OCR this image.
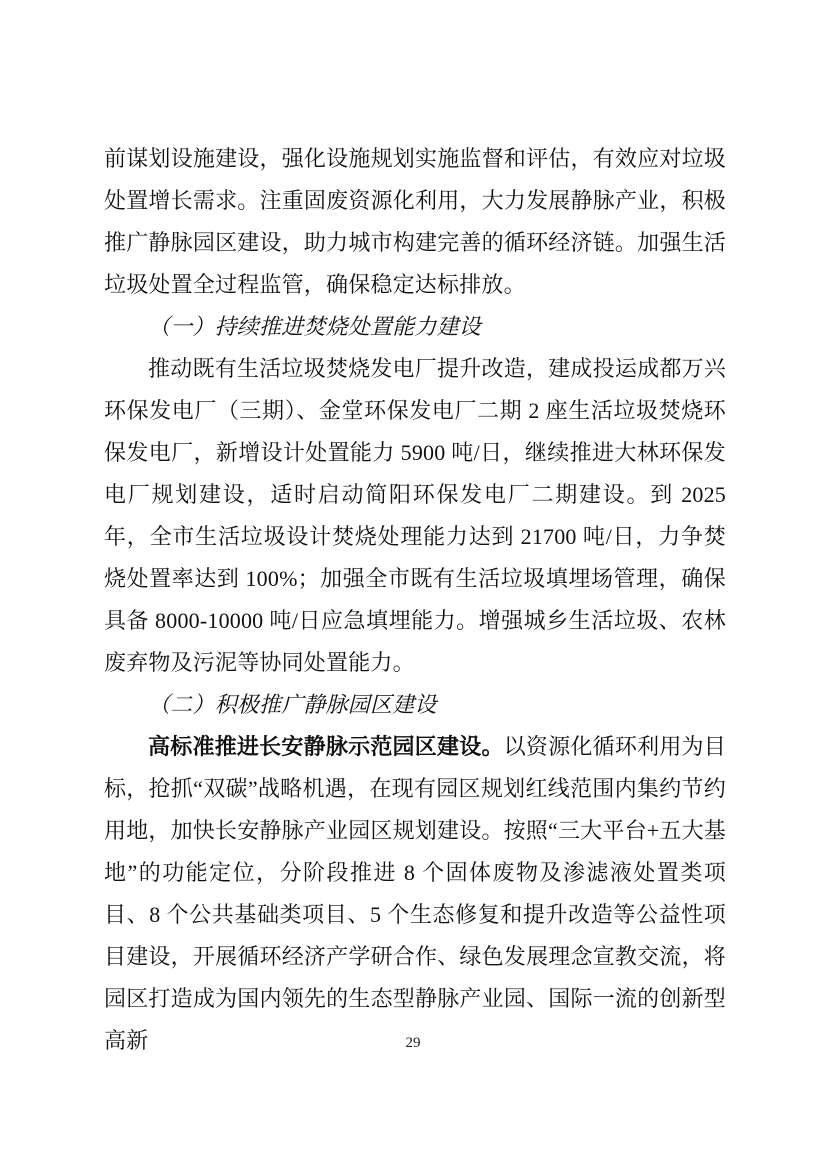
前谋划设施建设，强化设施规划实施监督和评估，有效应对垃圾处置增长需求。注重固废资源化利用，大力发展静脉产业，积极推广静脉园区建设，助力城市构建完善的循环经济链。加强生活垃圾处置全过程监管，确保稳定达标排放。

（一）持续推进焚烧处置能力建设

推动既有生活垃圾焚烧发电厂提升改造，建成投运成都万兴环保发电厂（三期）、金堂环保发电厂二期 2 座生活垃圾焚烧环保发电厂，新增设计处置能力 5900 吨/日，继续推进大林环保发电厂规划建设，适时启动简阳环保发电厂二期建设。到 2025 年，全市生活垃圾设计焚烧处理能力达到 21700 吨/日，力争焚烧处置率达到 100%；加强全市既有生活垃圾填埋场管理，确保具备 8000-10000 吨/日应急填埋能力。增强城乡生活垃圾、农林废弃物及污泥等协同处置能力。

（二）积极推广静脉园区建设

高标准推进长安静脉示范园区建设。以资源化循环利用为目标，抢抓“双碳”战略机遇，在现有园区规划红线范围内集约节约用地，加快长安静脉产业园区规划建设。按照“三大平台+五大基地”的功能定位，分阶段推进 8 个固体废物及渗滤液处置类项目、8 个公共基础类项目、5 个生态修复和提升改造等公益性项目建设，开展循环经济产学研合作、绿色发展理念宣教交流，将园区打造成为国内领先的生态型静脉产业园、国际一流的创新型高新	29
